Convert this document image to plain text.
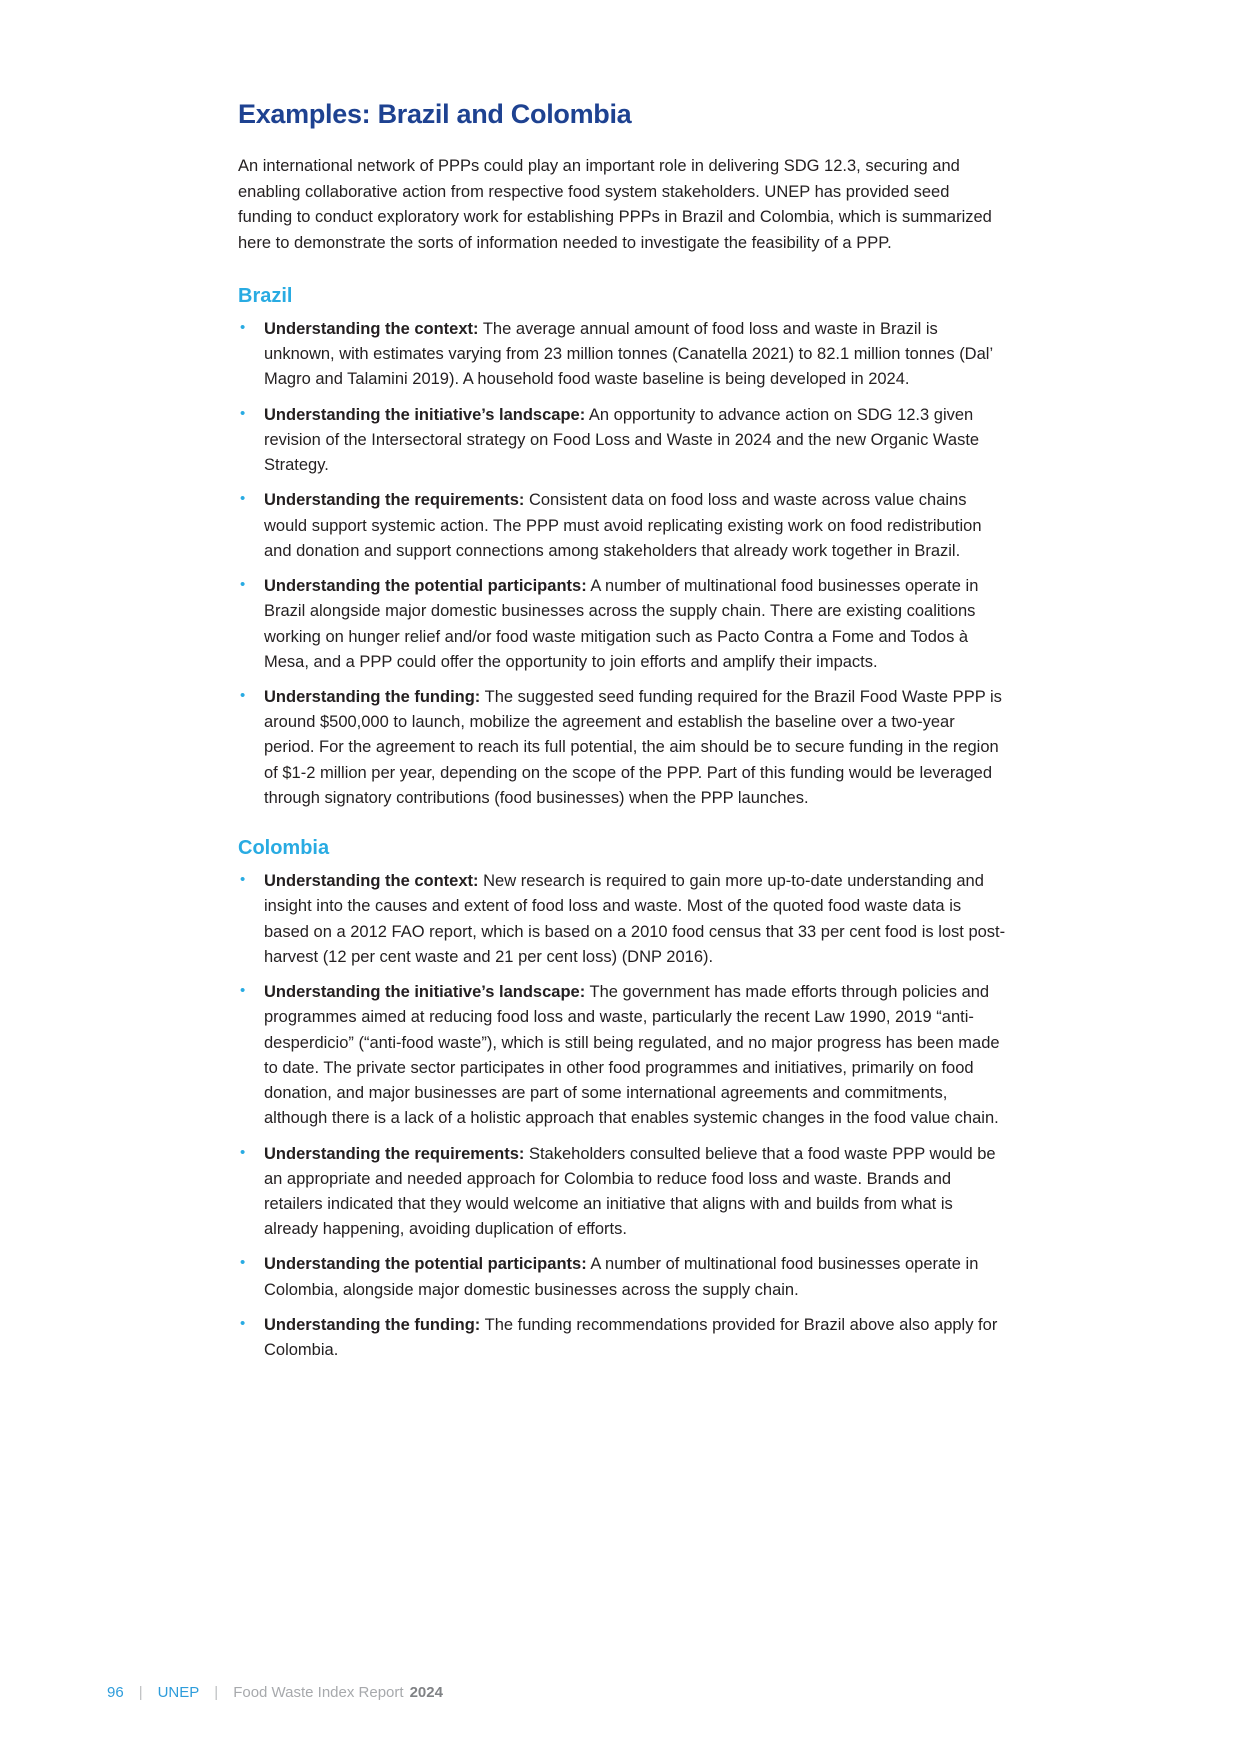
Examples: Brazil and Colombia

An international network of PPPs could play an important role in delivering SDG 12.3, securing and enabling collaborative action from respective food system stakeholders. UNEP has provided seed funding to conduct exploratory work for establishing PPPs in Brazil and Colombia, which is summarized here to demonstrate the sorts of information needed to investigate the feasibility of a PPP.

Brazil
•
Understanding the context: The average annual amount of food loss and waste in Brazil is unknown, with estimates varying from 23 million tonnes (Canatella 2021) to 82.1 million tonnes (Dal’ Magro and Talamini 2019). A household food waste baseline is being developed in 2024.
•
Understanding the initiative’s landscape: An opportunity to advance action on SDG 12.3 given revision of the Intersectoral strategy on Food Loss and Waste in 2024 and the new Organic Waste Strategy.
•
Understanding the requirements: Consistent data on food loss and waste across value chains would support systemic action. The PPP must avoid replicating existing work on food redistribution and donation and support connections among stakeholders that already work together in Brazil.
•
Understanding the potential participants: A number of multinational food businesses operate in Brazil alongside major domestic businesses across the supply chain. There are existing coalitions working on hunger relief and/or food waste mitigation such as Pacto Contra a Fome and Todos à Mesa, and a PPP could offer the opportunity to join efforts and amplify their impacts.
•
Understanding the funding: The suggested seed funding required for the Brazil Food Waste PPP is around $500,000 to launch, mobilize the agreement and establish the baseline over a two-year period. For the agreement to reach its full potential, the aim should be to secure funding in the region of $1-2 million per year, depending on the scope of the PPP. Part of this funding would be leveraged through signatory contributions (food businesses) when the PPP launches.
Colombia
•
Understanding the context: New research is required to gain more up-to-date understanding and insight into the causes and extent of food loss and waste. Most of the quoted food waste data is based on a 2012 FAO report, which is based on a 2010 food census that 33 per cent food is lost post-harvest (12 per cent waste and 21 per cent loss) (DNP 2016).
•
Understanding the initiative’s landscape: The government has made efforts through policies and programmes aimed at reducing food loss and waste, particularly the recent Law 1990, 2019 “anti-desperdicio” (“anti-food waste”), which is still being regulated, and no major progress has been made to date. The private sector participates in other food programmes and initiatives, primarily on food donation, and major businesses are part of some international agreements and commitments, although there is a lack of a holistic approach that enables systemic changes in the food value chain.
•
Understanding the requirements: Stakeholders consulted believe that a food waste PPP would be an appropriate and needed approach for Colombia to reduce food loss and waste. Brands and retailers indicated that they would welcome an initiative that aligns with and builds from what is already happening, avoiding duplication of efforts.
•
Understanding the potential participants: A number of multinational food businesses operate in Colombia, alongside major domestic businesses across the supply chain.
•
Understanding the funding: The funding recommendations provided for Brazil above also apply for Colombia.
96 | UNEP | Food Waste Index Report 2024
